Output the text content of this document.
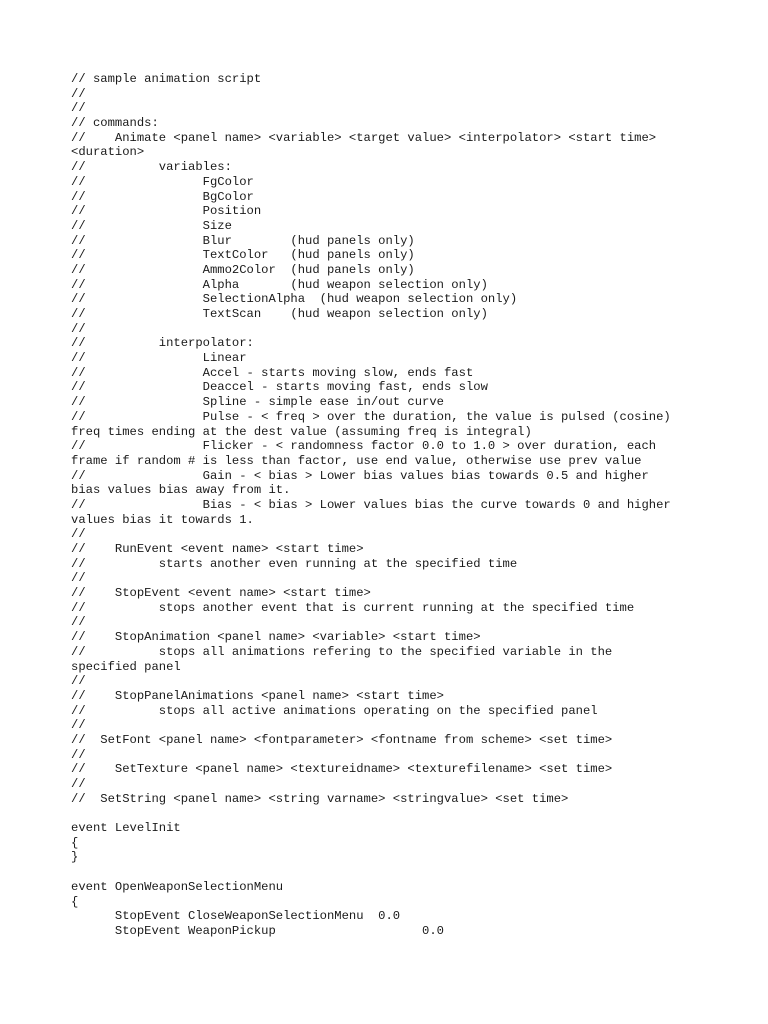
// sample animation script
//
//
// commands:
//    Animate <panel name> <variable> <target value> <interpolator> <start time>
<duration>
//          variables:
//                FgColor
//                BgColor
//                Position
//                Size
//                Blur        (hud panels only)
//                TextColor   (hud panels only)
//                Ammo2Color  (hud panels only)
//                Alpha       (hud weapon selection only)
//                SelectionAlpha  (hud weapon selection only)
//                TextScan    (hud weapon selection only)
//
//          interpolator:
//                Linear
//                Accel - starts moving slow, ends fast
//                Deaccel - starts moving fast, ends slow
//                Spline - simple ease in/out curve
//                Pulse - < freq > over the duration, the value is pulsed (cosine)
freq times ending at the dest value (assuming freq is integral)
//                Flicker - < randomness factor 0.0 to 1.0 > over duration, each
frame if random # is less than factor, use end value, otherwise use prev value
//                Gain - < bias > Lower bias values bias towards 0.5 and higher
bias values bias away from it.
//                Bias - < bias > Lower values bias the curve towards 0 and higher
values bias it towards 1.
//
//    RunEvent <event name> <start time>
//          starts another even running at the specified time
//
//    StopEvent <event name> <start time>
//          stops another event that is current running at the specified time
//
//    StopAnimation <panel name> <variable> <start time>
//          stops all animations refering to the specified variable in the
specified panel
//
//    StopPanelAnimations <panel name> <start time>
//          stops all active animations operating on the specified panel
//
//  SetFont <panel name> <fontparameter> <fontname from scheme> <set time>
//
//    SetTexture <panel name> <textureidname> <texturefilename> <set time>
//
//  SetString <panel name> <string varname> <stringvalue> <set time>
event LevelInit
{
}
event OpenWeaponSelectionMenu
{
StopEvent CloseWeaponSelectionMenu  0.0
StopEvent WeaponPickup                    0.0
